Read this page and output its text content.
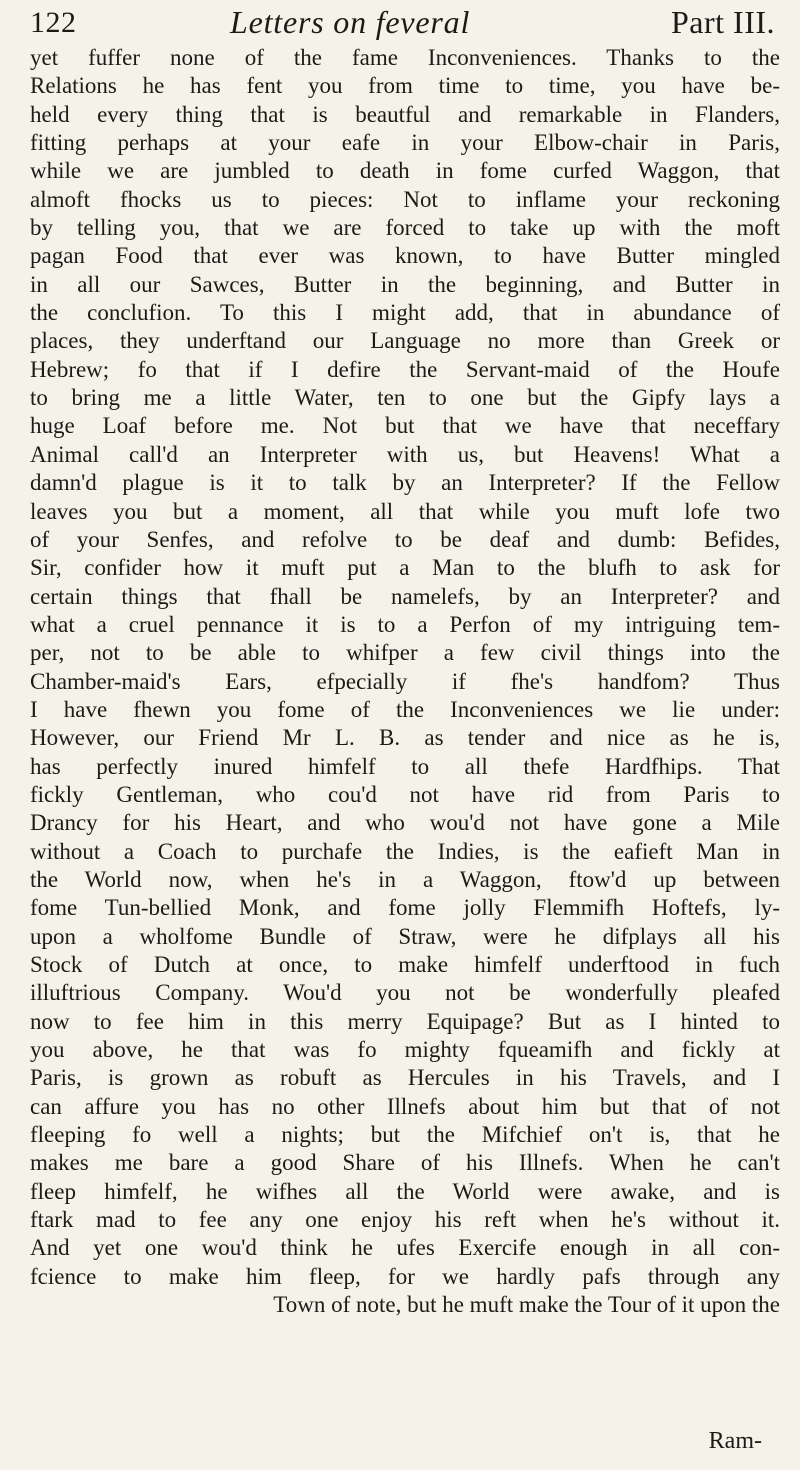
122	Letters on feveral	Part III.
yet fuffer none of the fame Inconveniences. Thanks to the
Relations he has fent you from time to time, you have be-
held every thing that is beautful and remarkable in Flanders,
fitting perhaps at your eafe in your Elbow-chair in Paris,
while we are jumbled to death in fome curfed Waggon, that
almoft fhocks us to pieces: Not to inflame your reckoning
by telling you, that we are forced to take up with the moft
pagan Food that ever was known, to have Butter mingled
in all our Sawces, Butter in the beginning, and Butter in
the conclufion. To this I might add, that in abundance of
places, they underftand our Language no more than Greek or
Hebrew; fo that if I defire the Servant-maid of the Houfe
to bring me a little Water, ten to one but the Gipfy lays a
huge Loaf before me. Not but that we have that neceffary
Animal call'd an Interpreter with us, but Heavens! What a
damn'd plague is it to talk by an Interpreter? If the Fellow
leaves you but a moment, all that while you muft lofe two
of your Senfes, and refolve to be deaf and dumb: Befides,
Sir, confider how it muft put a Man to the blufh to ask for
certain things that fhall be namelefs, by an Interpreter? and
what a cruel pennance it is to a Perfon of my intriguing tem-
per, not to be able to whifper a few civil things into the
Chamber-maid's Ears, efpecially if fhe's handfom? Thus
I have fhewn you fome of the Inconveniences we lie under:
However, our Friend Mr L. B. as tender and nice as he is,
has perfectly inured himfelf to all thefe Hardfhips. That
fickly Gentleman, who cou'd not have rid from Paris to
Drancy for his Heart, and who wou'd not have gone a Mile
without a Coach to purchafe the Indies, is the eafieft Man in
the World now, when he's in a Waggon, ftow'd up between
fome Tun-bellied Monk, and fome jolly Flemmifh Hoftefs, ly-
upon a wholfome Bundle of Straw, were he difplays all his
Stock of Dutch at once, to make himfelf underftood in fuch
illuftrious Company. Wou'd you not be wonderfully pleafed
now to fee him in this merry Equipage? But as I hinted to
you above, he that was fo mighty fqueamifh and fickly at
Paris, is grown as robuft as Hercules in his Travels, and I
can affure you has no other Illnefs about him but that of not
fleeping fo well a nights; but the Mifchief on't is, that he
makes me bare a good Share of his Illnefs. When he can't
fleep himfelf, he wifhes all the World were awake, and is
ftark mad to fee any one enjoy his reft when he's without it.
And yet one wou'd think he ufes Exercife enough in all con-
fcience to make him fleep, for we hardly pafs through any
Town of note, but he muft make the Tour of it upon the
Ram-
